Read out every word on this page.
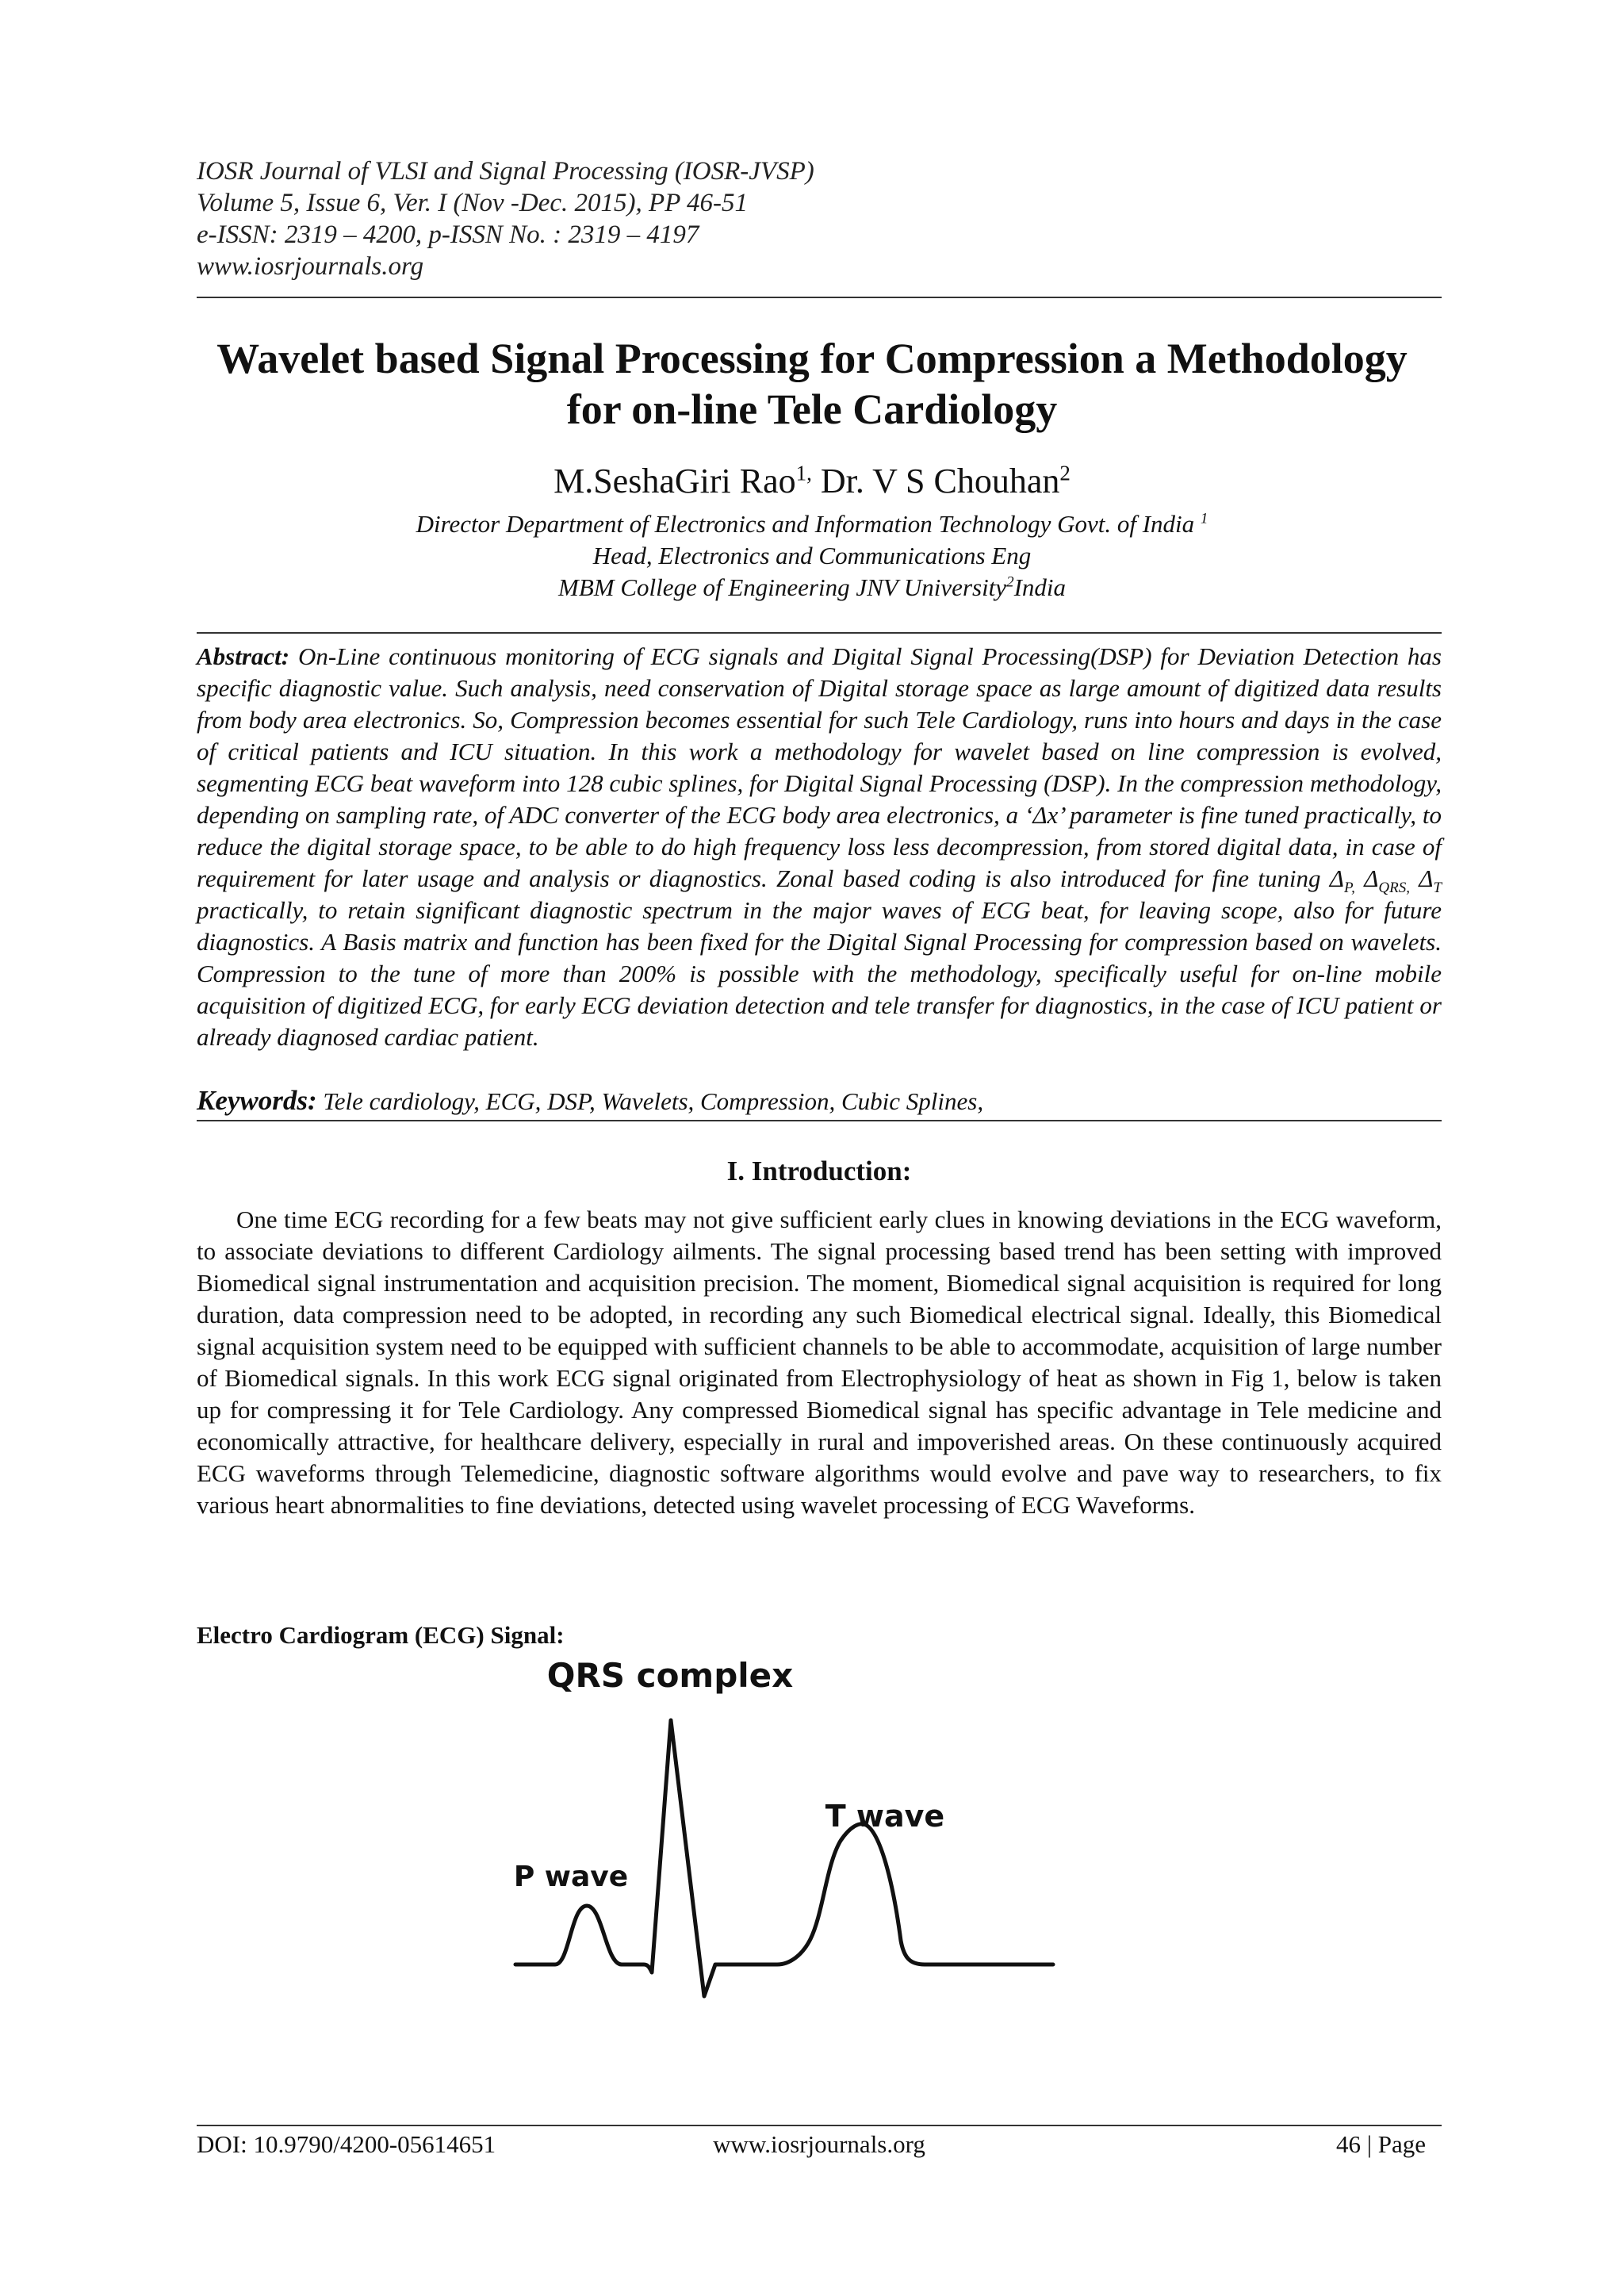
IOSR Journal of VLSI and Signal Processing (IOSR-JVSP)
Volume 5, Issue 6, Ver. I (Nov -Dec. 2015), PP 46-51
e-ISSN: 2319 – 4200, p-ISSN No. : 2319 – 4197
www.iosrjournals.org
Wavelet based Signal Processing for Compression a Methodology
for on-line Tele Cardiology
M.SeshaGiri Rao$^{1,}$ Dr. V S Chouhan$^2$
Director Department of Electronics and Information Technology Govt. of India $^1$
Head, Electronics and Communications Eng
MBM College of Engineering JNV University$^2$India
Abstract: On-Line continuous monitoring of ECG signals and Digital Signal Processing(DSP) for Deviation Detection has specific diagnostic value. Such analysis, need conservation of Digital storage space as large amount of digitized data results from body area electronics. So, Compression becomes essential for such Tele Cardiology, runs into hours and days in the case of critical patients and ICU situation. In this work a methodology for wavelet based on line compression is evolved, segmenting ECG beat waveform into 128 cubic splines, for Digital Signal Processing (DSP). In the compression methodology, depending on sampling rate, of ADC converter of the ECG body area electronics, a ‘Δx’ parameter is fine tuned practically, to reduce the digital storage space, to be able to do high frequency loss less decompression, from stored digital data, in case of requirement for later usage and analysis or diagnostics. Zonal based coding is also introduced for fine tuning $\Delta_{P,}$ $\Delta_{QRS,}$ $\Delta_T$ practically, to retain significant diagnostic spectrum in the major waves of ECG beat, for leaving scope, also for future diagnostics. A Basis matrix and function has been fixed for the Digital Signal Processing for compression based on wavelets. Compression to the tune of more than 200% is possible with the methodology, specifically useful for on-line mobile acquisition of digitized ECG, for early ECG deviation detection and tele transfer for diagnostics, in the case of ICU patient or already diagnosed cardiac patient.
Keywords: Tele cardiology, ECG, DSP, Wavelets, Compression, Cubic Splines,
I. Introduction:

One time ECG recording for a few beats may not give sufficient early clues in knowing deviations in the ECG waveform, to associate deviations to different Cardiology ailments. The signal processing based trend has been setting with improved Biomedical signal instrumentation and acquisition precision. The moment, Biomedical signal acquisition is required for long duration, data compression need to be adopted, in recording any such Biomedical electrical signal. Ideally, this Biomedical signal acquisition system need to be equipped with sufficient channels to be able to accommodate, acquisition of large number of Biomedical signals. In this work ECG signal originated from Electrophysiology of heat as shown in Fig 1, below is taken up for compressing it for Tele Cardiology. Any compressed Biomedical signal has specific advantage in Tele medicine and economically attractive, for healthcare delivery, especially in rural and impoverished areas. On these continuously acquired ECG waveforms through Telemedicine, diagnostic software algorithms would evolve and pave way to researchers, to fix various heart abnormalities to fine deviations, detected using wavelet processing of ECG Waveforms.

Electro Cardiogram (ECG) Signal:
QRS complex
T wave
P wave
DOI: 10.9790/4200-05614651	www.iosrjournals.org	46 | Page
